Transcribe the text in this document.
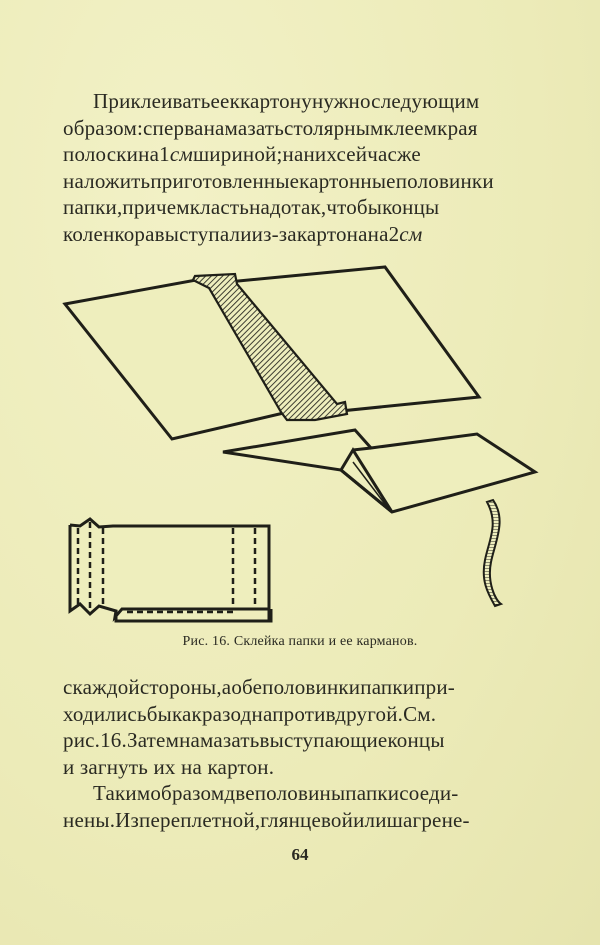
Приклеиватьееккартонунужноследующим
образом:сперванамазатьстолярнымклеемкрая
полоскина1смшириной;нанихсейчасже
наложитьприготовленныекартонныеполовинки
папки,причемкластьнадотак,чтобыконцы
коленкоравыступалииз-закартонана2см
Рис. 16. Склейка папки и ее карманов.
скаждойстороны,аобеполовинкипапкипри-
ходилисьбыкакразоднапротивдругой.См.
рис.16.Затемнамазатьвыступающиеконцы
и загнуть их на картон.
Такимобразомдвеполовиныпапкисоеди-
нены.Изпереплетной,глянцевойилишагрене-
64
